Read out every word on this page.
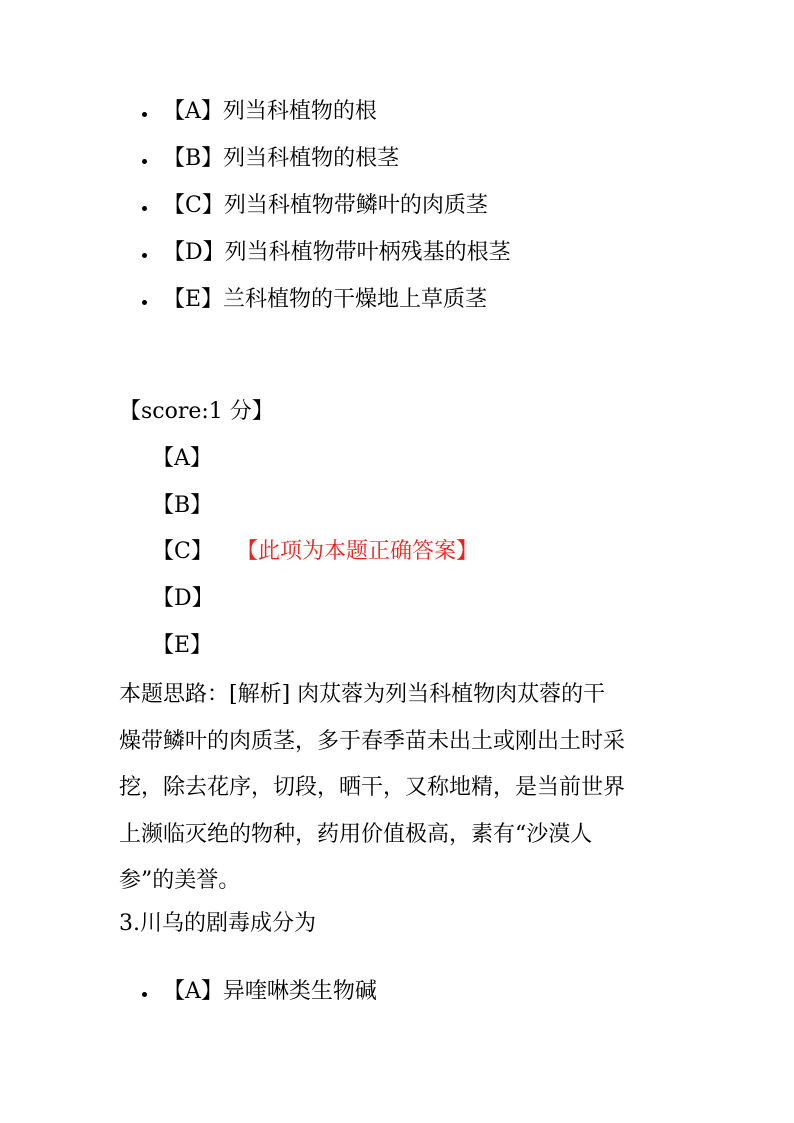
【A】列当科植物的根
【B】列当科植物的根茎
【C】列当科植物带鳞叶的肉质茎
【D】列当科植物带叶柄残基的根茎
【E】兰科植物的干燥地上草质茎
【score:1 分】
【A】
【B】
【C】
【D】
【E】
【此项为本题正确答案】
本题思路：[解析] 肉苁蓉为列当科植物肉苁蓉的干
燥带鳞叶的肉质茎，多于春季苗未出土或刚出土时采
挖，除去花序，切段，晒干，又称地精，是当前世界
上濒临灭绝的物种，药用价值极高，素有“沙漠人
参”的美誉。
3.川乌的剧毒成分为
【A】异喹啉类生物碱
